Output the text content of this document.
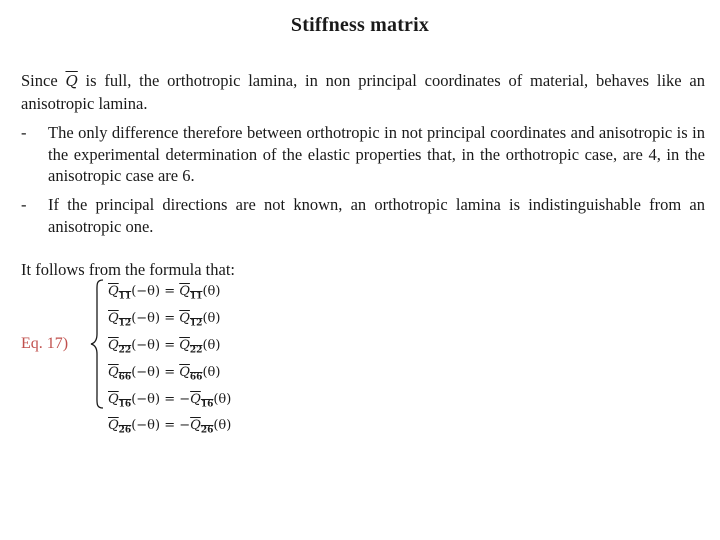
Stiffness matrix
Since $\overline{Q}$ is full, the orthotropic lamina, in non principal coordinates of material, behaves like an anisotropic lamina.
- The only difference therefore between orthotropic in not principal coordinates and anisotropic is in the experimental determination of the elastic properties that, in the orthotropic case, are 4, in the anisotropic case are 6.
- If the principal directions are not known, an orthotropic lamina is indistinguishable from an anisotropic one.
It follows from the formula that:
Eq. 17)
$Q_{11}(-\theta) = Q_{11}(\theta)$
$Q_{12}(-\theta) = Q_{12}(\theta)$
$Q_{22}(-\theta) = Q_{22}(\theta)$
$Q_{66}(-\theta) = Q_{66}(\theta)$
$Q_{16}(-\theta) = -Q_{16}(\theta)$
$Q_{26}(-\theta) = -Q_{26}(\theta)$
